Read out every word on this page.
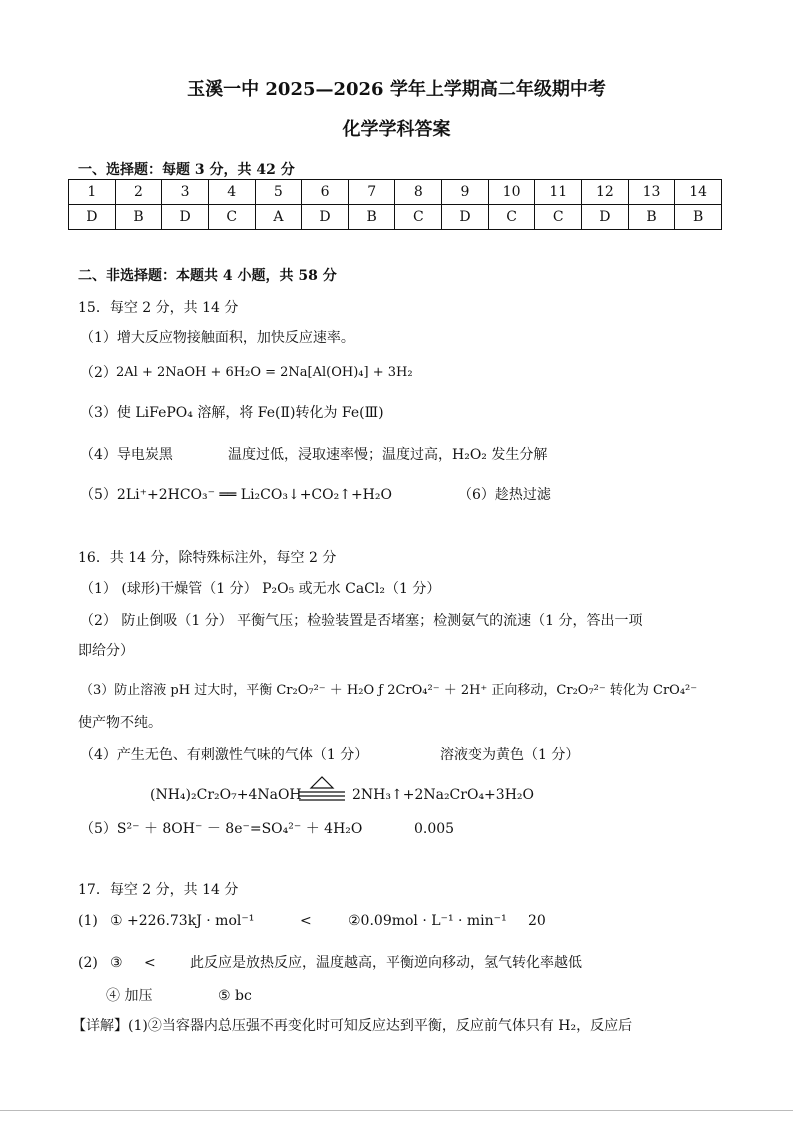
玉溪一中 2025—2026 学年上学期高二年级期中考
化学学科答案
一、选择题：每题 3 分，共 42 分
1	2	3	4	5	6	7	8	9	10	11	12	13	14
D	B	D	C	A	D	B	C	D	C	C	D	B	B
二、非选择题：本题共 4 小题，共 58 分
15．每空 2 分，共 14 分
（1）增大反应物接触面积，加快反应速率。
（2） 2Al + 2NaOH + 6H₂O = 2Na[Al(OH)₄] + 3H₂
（3）使 LiFePO₄ 溶解，将 Fe(Ⅱ)转化为 Fe(Ⅲ)
（4）导电炭黑	温度过低，浸取速率慢；温度过高，H₂O₂ 发生分解
（5）2Li⁺+2HCO₃⁻ ══ Li₂CO₃↓+CO₂↑+H₂O	（6）趁热过滤
16．共 14 分，除特殊标注外，每空 2 分
（1） (球形)干燥管（1 分） P₂O₅ 或无水 CaCl₂（1 分）
（2） 防止倒吸（1 分） 平衡气压；检验装置是否堵塞；检测氨气的流速（1 分，答出一项
即给分）
（3）防止溶液 pH 过大时，平衡 Cr₂O₇²⁻ ＋ H₂O ƒ 2CrO₄²⁻ ＋ 2H⁺ 正向移动，Cr₂O₇²⁻ 转化为 CrO₄²⁻
使产物不纯。
（4）产生无色、有刺激性气味的气体（1 分）	溶液变为黄色（1 分）
(NH₄)₂Cr₂O₇+4NaOH	2NH₃↑+2Na₂CrO₄+3H₂O
（5）S²⁻ ＋ 8OH⁻ － 8e⁻=SO₄²⁻ ＋ 4H₂O	0.005
17．每空 2 分，共 14 分
(1) ① +226.73kJ · mol⁻¹	<	②0.09mol · L⁻¹ · min⁻¹ 20
(2) ③ < 此反应是放热反应，温度越高，平衡逆向移动，氢气转化率越低
④ 加压	⑤ bc
【详解】(1)②当容器内总压强不再变化时可知反应达到平衡，反应前气体只有 H₂，反应后
